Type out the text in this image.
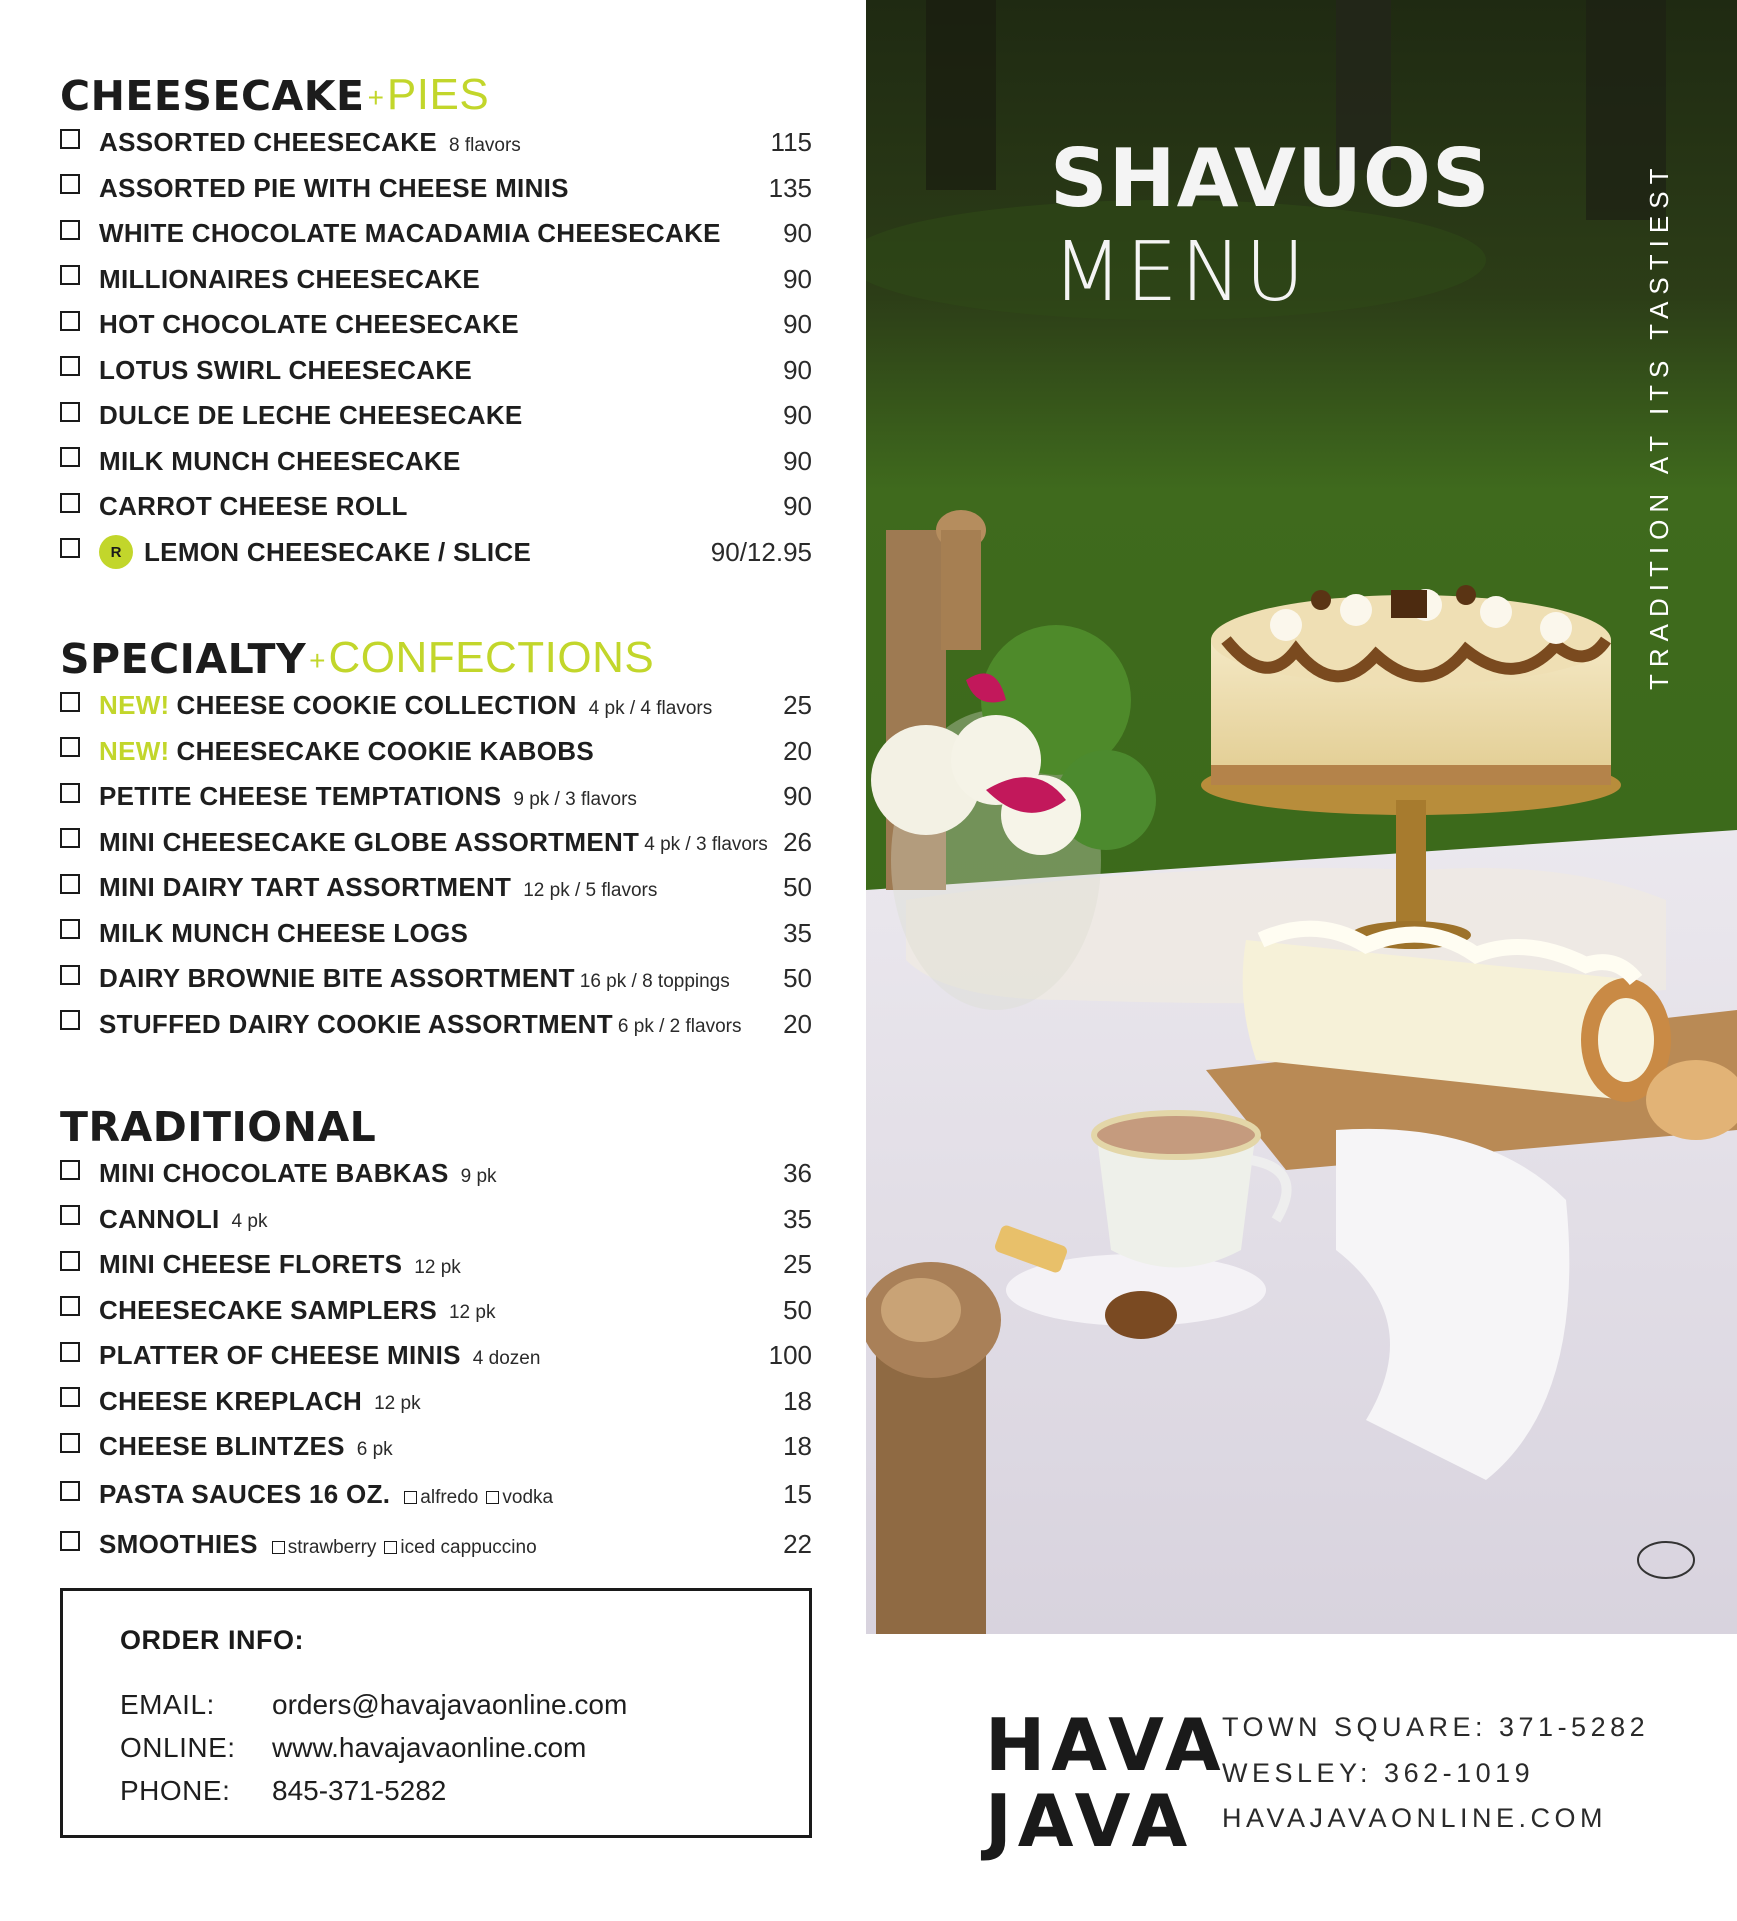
CHEESECAKE + PIES
ASSORTED CHEESECAKE 8 flavors	115
ASSORTED PIE WITH CHEESE MINIS	135
WHITE CHOCOLATE MACADAMIA CHEESECAKE 90
MILLIONAIRES CHEESECAKE	90
HOT CHOCOLATE CHEESECAKE	90
LOTUS SWIRL CHEESECAKE	90
DULCE DE LECHE CHEESECAKE	90
MILK MUNCH CHEESECAKE	90
CARROT CHEESE ROLL	90
R LEMON CHEESECAKE / SLICE	90/12.95
SPECIALTY + CONFECTIONS
NEW! CHEESE COOKIE COLLECTION 4 pk / 4 flavors	25
NEW! CHEESECAKE COOKIE KABOBS	20
PETITE CHEESE TEMPTATIONS 9 pk / 3 flavors	90
MINI CHEESECAKE GLOBE ASSORTMENT 4 pk / 3 flavors 26
MINI DAIRY TART ASSORTMENT 12 pk / 5 flavors	50
MILK MUNCH CHEESE LOGS	35
DAIRY BROWNIE BITE ASSORTMENT 16 pk / 8 toppings 50
STUFFED DAIRY COOKIE ASSORTMENT 6 pk / 2 flavors 20
TRADITIONAL
MINI CHOCOLATE BABKAS 9 pk	36
CANNOLI 4 pk	35
MINI CHEESE FLORETS 12 pk	25
CHEESECAKE SAMPLERS 12 pk	50
PLATTER OF CHEESE MINIS 4 dozen	100
CHEESE KREPLACH 12 pk	18
CHEESE BLINTZES 6 pk	18
PASTA SAUCES 16 OZ. alfredo vodka	15
SMOOTHIES strawberry iced cappuccino	22
ORDER INFO:
EMAIL: orders@havajavaonline.com
ONLINE: www.havajavaonline.com
PHONE: 845-371-5282
SHAVUOS
MENU	TRADITION AT ITS TASTIEST
HAVA
JAVA
TOWN SQUARE: 371-5282
WESLEY: 362-1019
HAVAJAVAONLINE.COM
